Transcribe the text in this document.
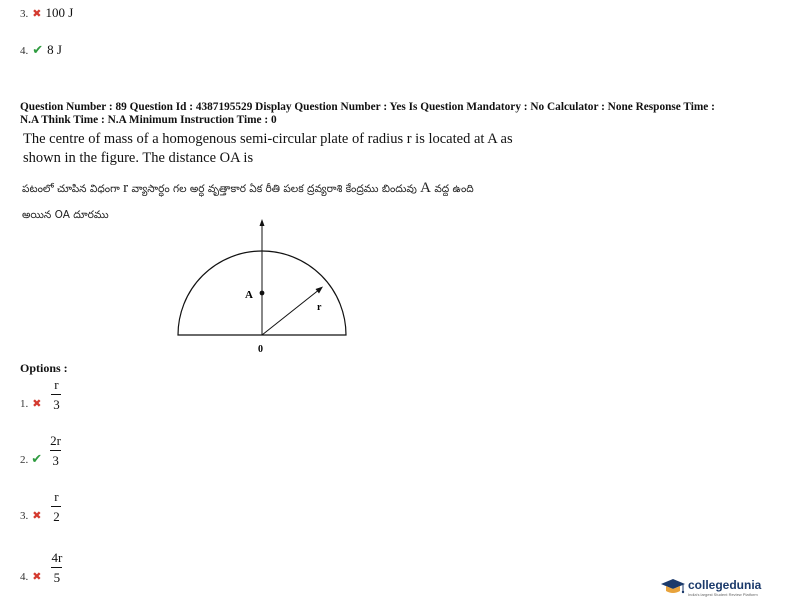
3. ✖ 100 J
4. ✔ 8 J
Question Number : 89 Question Id : 4387195529 Display Question Number : Yes Is Question Mandatory : No Calculator : None Response Time :
N.A Think Time : N.A Minimum Instruction Time : 0
The centre of mass of a homogenous semi-circular plate of radius r is located at A as
shown in the figure. The distance OA is
పటంలో చూపిన విధంగా r వ్యాసార్ధం గల అర్ధ వృత్తాకార ఏక రీతి పలక ద్రవ్యరాశి కేంద్రము బిందువు A వద్ద ఉంది
అయిన OA దూరము
A
r
0
Options :
1. ✖ $\frac{r}{3}$
2. ✔ $\frac{2r}{3}$
3. ✖ $\frac{r}{2}$
4. ✖ $\frac{4r}{5}$	collegedunia
India's largest Student Review Platform
